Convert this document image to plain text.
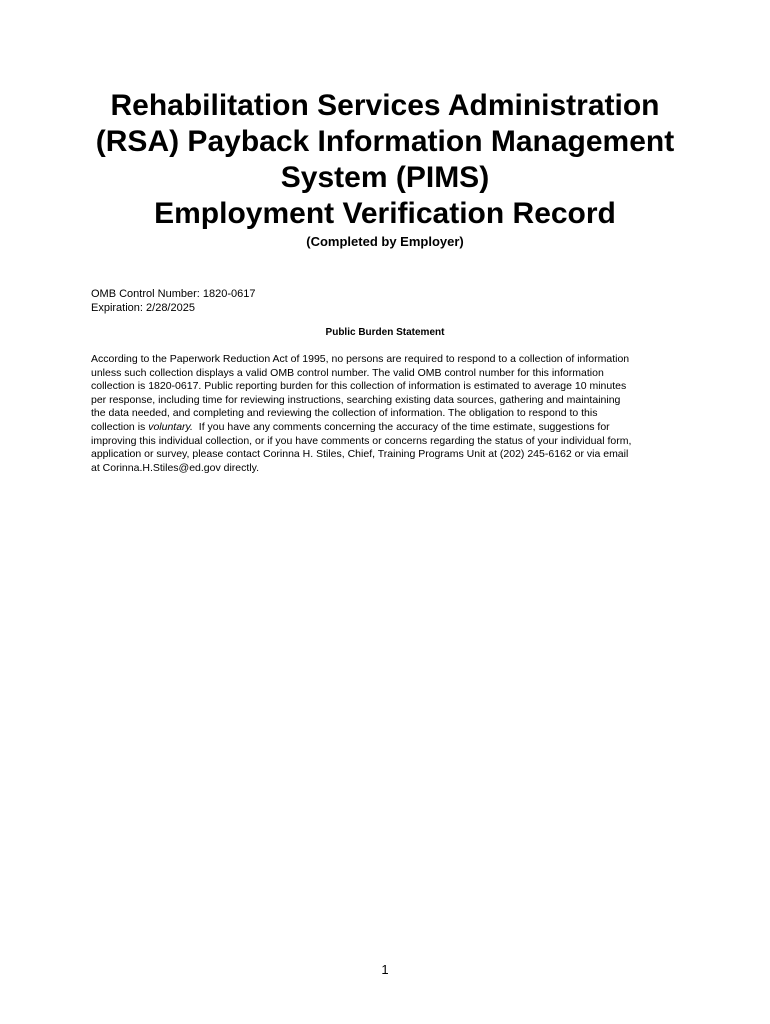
Rehabilitation Services Administration
(RSA) Payback Information Management
System (PIMS)
Employment Verification Record
(Completed by Employer)
OMB Control Number: 1820-0617
Expiration: 2/28/2025
Public Burden Statement
According to the Paperwork Reduction Act of 1995, no persons are required to respond to a collection of information
unless such collection displays a valid OMB control number. The valid OMB control number for this information
collection is 1820-0617. Public reporting burden for this collection of information is estimated to average 10 minutes
per response, including time for reviewing instructions, searching existing data sources, gathering and maintaining
the data needed, and completing and reviewing the collection of information. The obligation to respond to this
collection is voluntary.  If you have any comments concerning the accuracy of the time estimate, suggestions for
improving this individual collection, or if you have comments or concerns regarding the status of your individual form,
application or survey, please contact Corinna H. Stiles, Chief, Training Programs Unit at (202) 245-6162 or via email
at Corinna.H.Stiles@ed.gov directly.
1
